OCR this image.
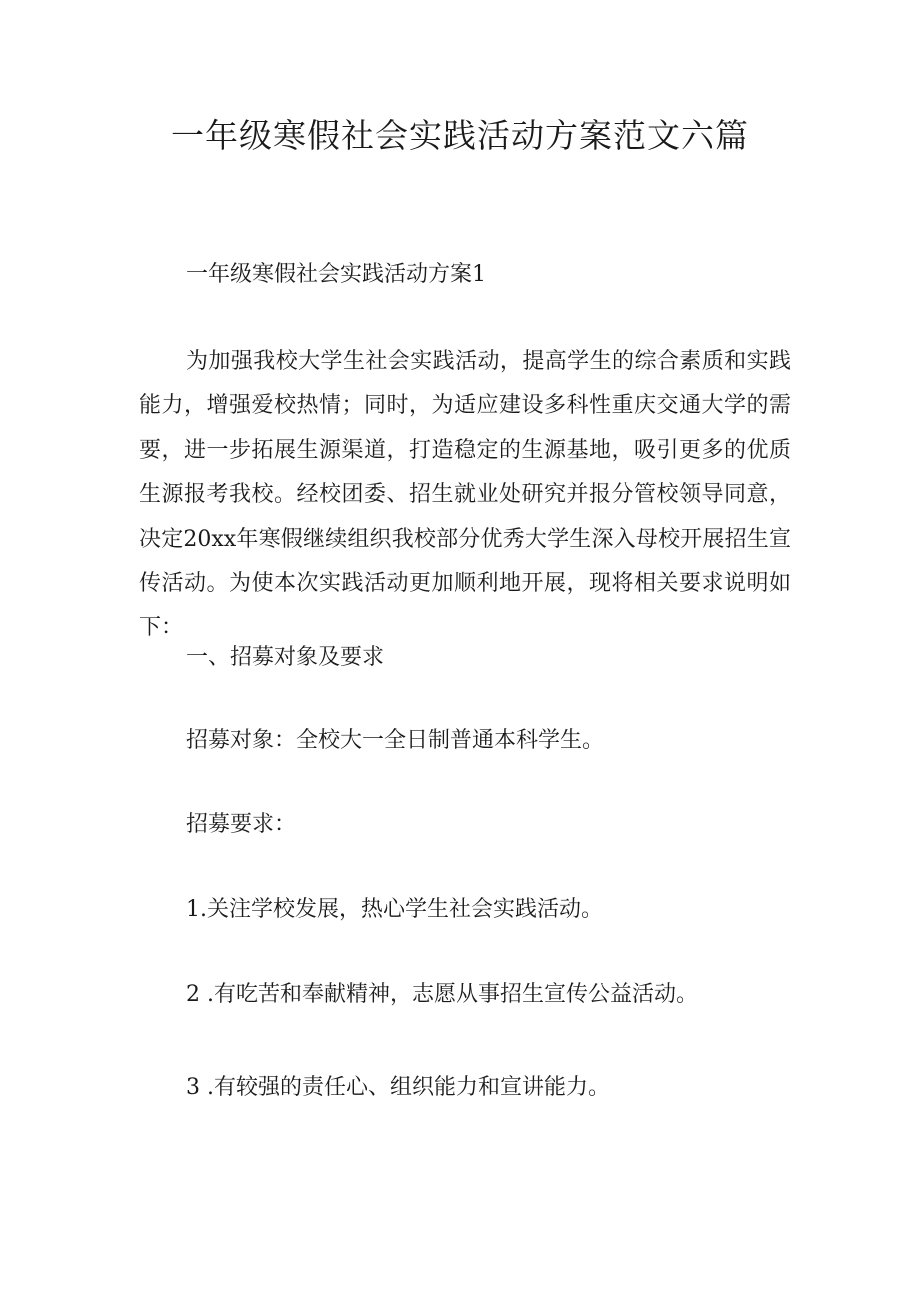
一年级寒假社会实践活动方案范文六篇
一年级寒假社会实践活动方案1

为加强我校大学生社会实践活动，提高学生的综合素质和实践能力，增强爱校热情；同时，为适应建设多科性重庆交通大学的需要，进一步拓展生源渠道，打造稳定的生源基地，吸引更多的优质生源报考我校。经校团委、招生就业处研究并报分管校领导同意，决定20xx年寒假继续组织我校部分优秀大学生深入母校开展招生宣传活动。为使本次实践活动更加顺利地开展，现将相关要求说明如下：

一、招募对象及要求

招募对象：全校大一全日制普通本科学生。

招募要求：

1.关注学校发展，热心学生社会实践活动。

2 .有吃苦和奉献精神，志愿从事招生宣传公益活动。

3 .有较强的责任心、组织能力和宣讲能力。
